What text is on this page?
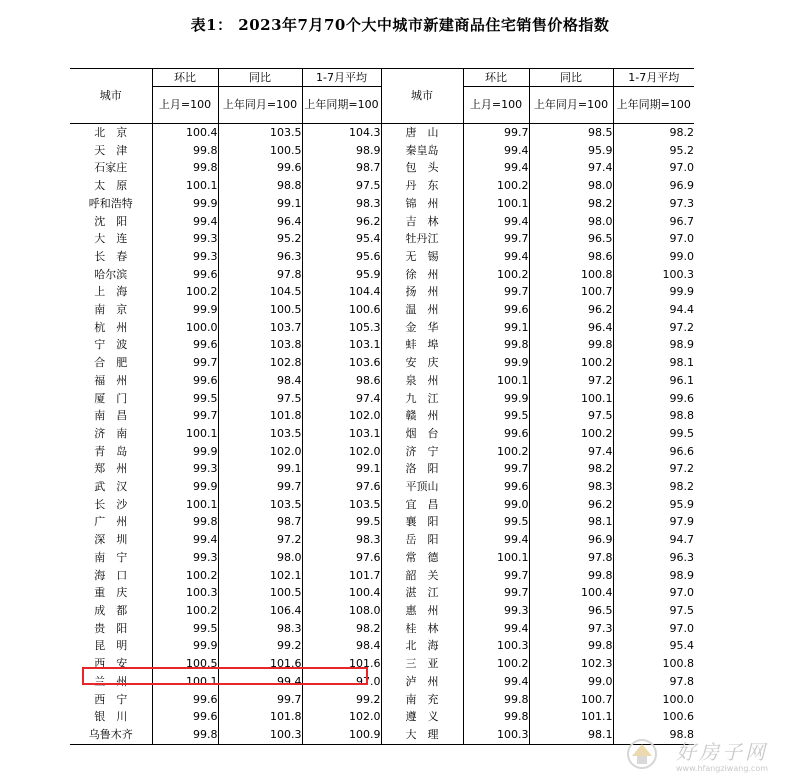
表1： 2023年7月70个大中城市新建商品住宅销售价格指数
城市	环比	同比	1-7月平均	城市	环比	同比	1-7月平均
	上月=100	上年同月=100	上年同期=100		上月=100	上年同月=100	上年同期=100
北　京	100.4	103.5	104.3	唐　山	99.7	98.5	98.2
天　津	99.8	100.5	98.9	秦皇岛	99.4	95.9	95.2
石家庄	99.8	99.6	98.7	包　头	99.4	97.4	97.0
太　原	100.1	98.8	97.5	丹　东	100.2	98.0	96.9
呼和浩特	99.9	99.1	98.3	锦　州	100.1	98.2	97.3
沈　阳	99.4	96.4	96.2	吉　林	99.4	98.0	96.7
大　连	99.3	95.2	95.4	牡丹江	99.7	96.5	97.0
长　春	99.3	96.3	95.6	无　锡	99.4	98.6	99.0
哈尔滨	99.6	97.8	95.9	徐　州	100.2	100.8	100.3
上　海	100.2	104.5	104.4	扬　州	99.7	100.7	99.9
南　京	99.9	100.5	100.6	温　州	99.6	96.2	94.4
杭　州	100.0	103.7	105.3	金　华	99.1	96.4	97.2
宁　波	99.6	103.8	103.1	蚌　埠	99.8	99.8	98.9
合　肥	99.7	102.8	103.6	安　庆	99.9	100.2	98.1
福　州	99.6	98.4	98.6	泉　州	100.1	97.2	96.1
厦　门	99.5	97.5	97.4	九　江	99.9	100.1	99.6
南　昌	99.7	101.8	102.0	赣　州	99.5	97.5	98.8
济　南	100.1	103.5	103.1	烟　台	99.6	100.2	99.5
青　岛	99.9	102.0	102.0	济　宁	100.2	97.4	96.6
郑　州	99.3	99.1	99.1	洛　阳	99.7	98.2	97.2
武　汉	99.9	99.7	97.6	平顶山	99.6	98.3	98.2
长　沙	100.1	103.5	103.5	宜　昌	99.0	96.2	95.9
广　州	99.8	98.7	99.5	襄　阳	99.5	98.1	97.9
深　圳	99.4	97.2	98.3	岳　阳	99.4	96.9	94.7
南　宁	99.3	98.0	97.6	常　德	100.1	97.8	96.3
海　口	100.2	102.1	101.7	韶　关	99.7	99.8	98.9
重　庆	100.3	100.5	100.4	湛　江	99.7	100.4	97.0
成　都	100.2	106.4	108.0	惠　州	99.3	96.5	97.5
贵　阳	99.5	98.3	98.2	桂　林	99.4	97.3	97.0
昆　明	99.9	99.2	98.4	北　海	100.3	99.8	95.4
西　安	100.5	101.6	101.6	三　亚	100.2	102.3	100.8
兰　州	100.1	99.4	97.0	泸　州	99.4	99.0	97.8
西　宁	99.6	99.7	99.2	南　充	99.8	100.7	100.0
银　川	99.6	101.8	102.0	遵　义	99.8	101.1	100.6
乌鲁木齐	99.8	100.3	100.9	大　理	100.3	98.1	98.8
好房子网
www.hfangziwang.com
